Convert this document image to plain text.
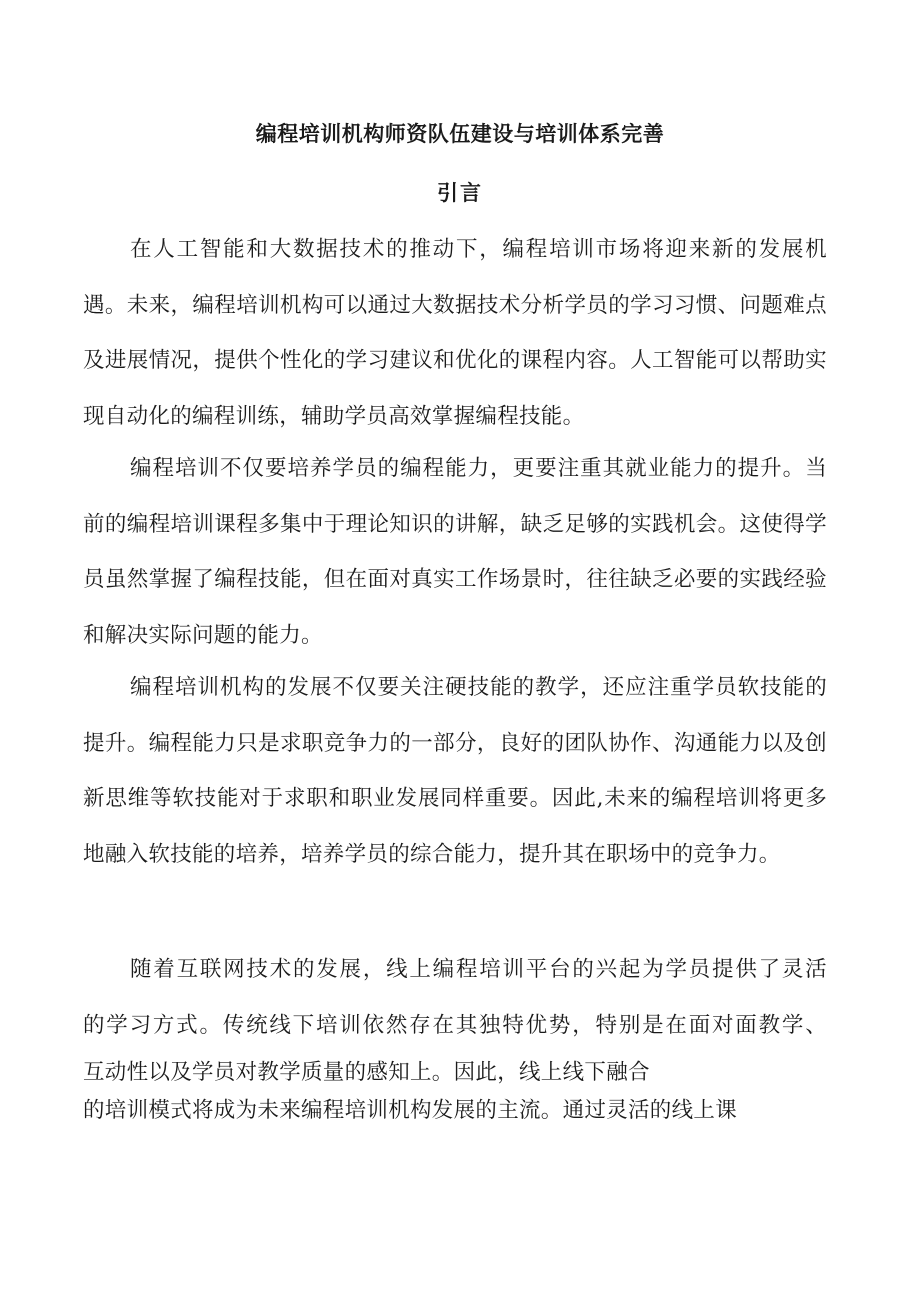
编程培训机构师资队伍建设与培训体系完善
引言

在人工智能和大数据技术的推动下，编程培训市场将迎来新的发展机遇。未来，编程培训机构可以通过大数据技术分析学员的学习习惯、问题难点及进展情况，提供个性化的学习建议和优化的课程内容。人工智能可以帮助实现自动化的编程训练，辅助学员高效掌握编程技能。

编程培训不仅要培养学员的编程能力，更要注重其就业能力的提升。当前的编程培训课程多集中于理论知识的讲解，缺乏足够的实践机会。这使得学员虽然掌握了编程技能，但在面对真实工作场景时，往往缺乏必要的实践经验和解决实际问题的能力。

编程培训机构的发展不仅要关注硬技能的教学，还应注重学员软技能的提升。编程能力只是求职竞争力的一部分，良好的团队协作、沟通能力以及创新思维等软技能对于求职和职业发展同样重要。因此,未来的编程培训将更多地融入软技能的培养，培养学员的综合能力，提升其在职场中的竞争力。

随着互联网技术的发展，线上编程培训平台的兴起为学员提供了灵活
的学习方式。传统线下培训依然存在其独特优势，特别是在面对面教学、
互动性以及学员对教学质量的感知上。因此，线上线下融合
的培训模式将成为未来编程培训机构发展的主流。通过灵活的线上课
